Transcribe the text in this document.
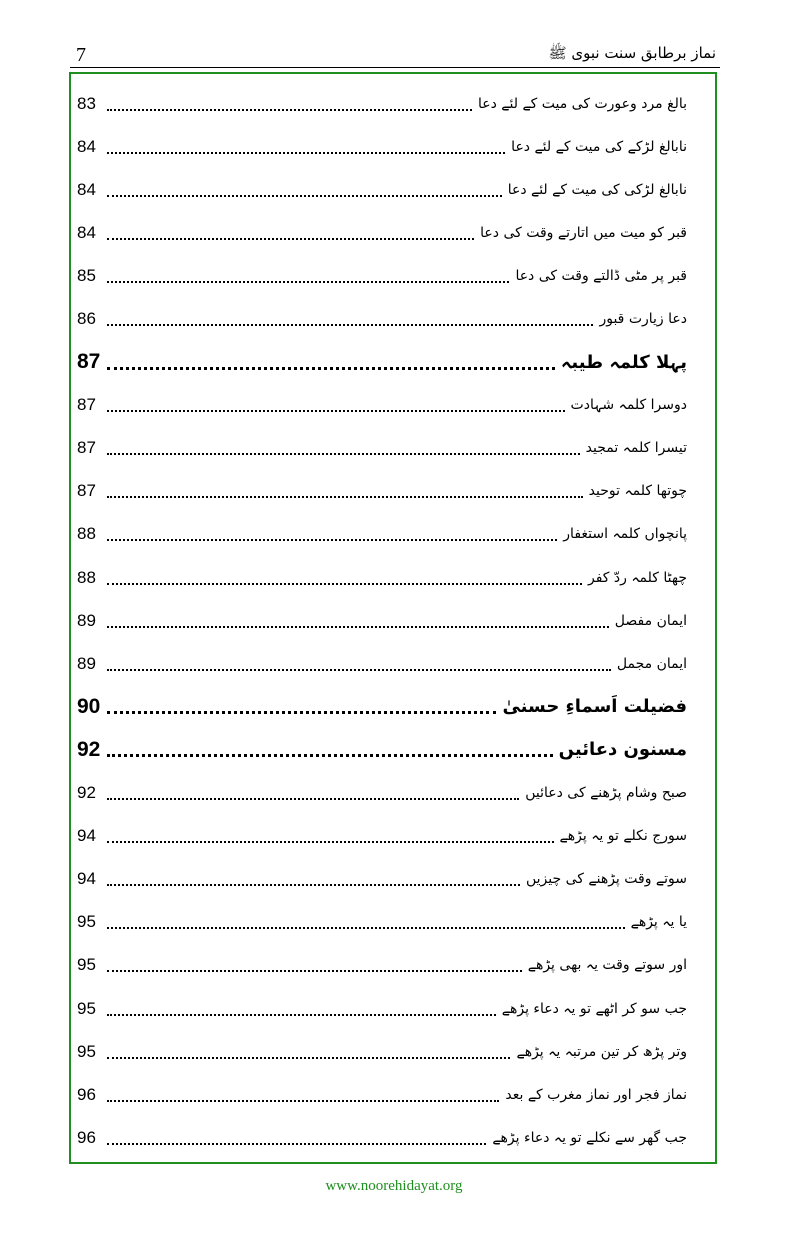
7	نماز برطابق سنت نبوی ﷺ
بالغ مرد وعورت کی میت کے لئے دعا
83
نابالغ لڑکے کی میت کے لئے دعا
84
نابالغ لڑکی کی میت کے لئے دعا
84
قبر کو میت میں اتارتے وقت کی دعا
84
قبر پر مٹی ڈالتے وقت کی دعا
85
دعا زیارت قبور
86
پہلا کلمہ طیبہ
87
دوسرا کلمہ شہادت
87
تیسرا کلمہ تمجید
87
چوتھا کلمہ توحید
87
پانچواں کلمہ استغفار
88
چھٹا کلمہ ردّ کفر
88
ایمان مفصل
89
ایمان مجمل
89
فضیلت اَسماءِ حسنیٰ
90
مسنون دعائیں
92
صبح وشام پڑھنے کی دعائیں
92
سورج نکلے تو یہ پڑھے
94
سوتے وقت پڑھنے کی چیزیں
94
یا یہ پڑھے
95
اور سوتے وقت یہ بھی پڑھے
95
جب سو کر اٹھے تو یہ دعاء پڑھے
95
وتر پڑھ کر تین مرتبہ یہ پڑھے
95
نماز فجر اور نماز مغرب کے بعد
96
جب گھر سے نکلے تو یہ دعاء پڑھے
96
www.noorehidayat.org
